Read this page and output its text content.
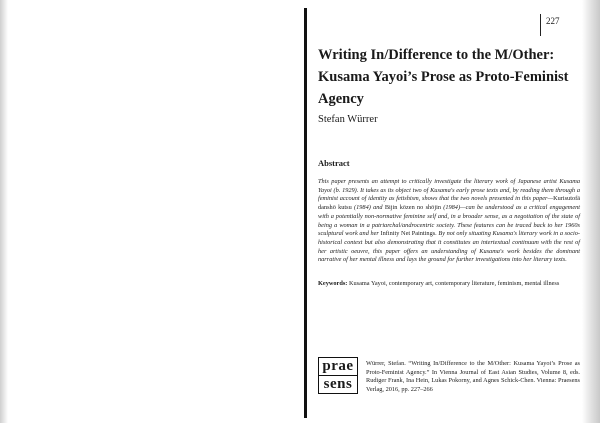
227
Writing In/Difference to the M/Other:
Kusama Yayoi’s Prose as Proto-Feminist Agency
Stefan Würrer
Abstract

This paper presents an attempt to critically investigate the literary work of Japanese artist Kusama Yayoi (b. 1929). It takes as its object two of Kusama's early prose texts and, by reading them through a feminist account of identity as fetishism, shows that the two novels presented in this paper—Kurisutofā danshō kutsu (1984) and Bijin kōzen no shōjin (1984)—can be understood as a critical engagement with a potentially non-normative feminine self and, in a broader sense, as a negotiation of the state of being a woman in a patriarchal/androcentric society. These features can be traced back to her 1960s sculptural work and her Infinity Net Paintings. By not only situating Kusama's literary work in a socio-historical context but also demonstrating that it constitutes an intertextual continuum with the rest of her artistic oeuvre, this paper offers an understanding of Kusama's work besides the dominant narrative of her mental illness and lays the ground for further investigations into her literary texts.

Keywords: Kusama Yayoi, contemporary art, contemporary literature, feminism, mental illness

prae
sens

Würrer, Stefan. “Writing In/Difference to the M/Other: Kusama Yayoi’s Prose as Proto-Feminist Agency.” In Vienna Journal of East Asian Studies, Volume 8, eds. Rudiger Frank, Ina Hein, Lukas Pokorny, and Agnes Schick-Chen. Vienna: Praesens Verlag, 2016, pp. 227–266
